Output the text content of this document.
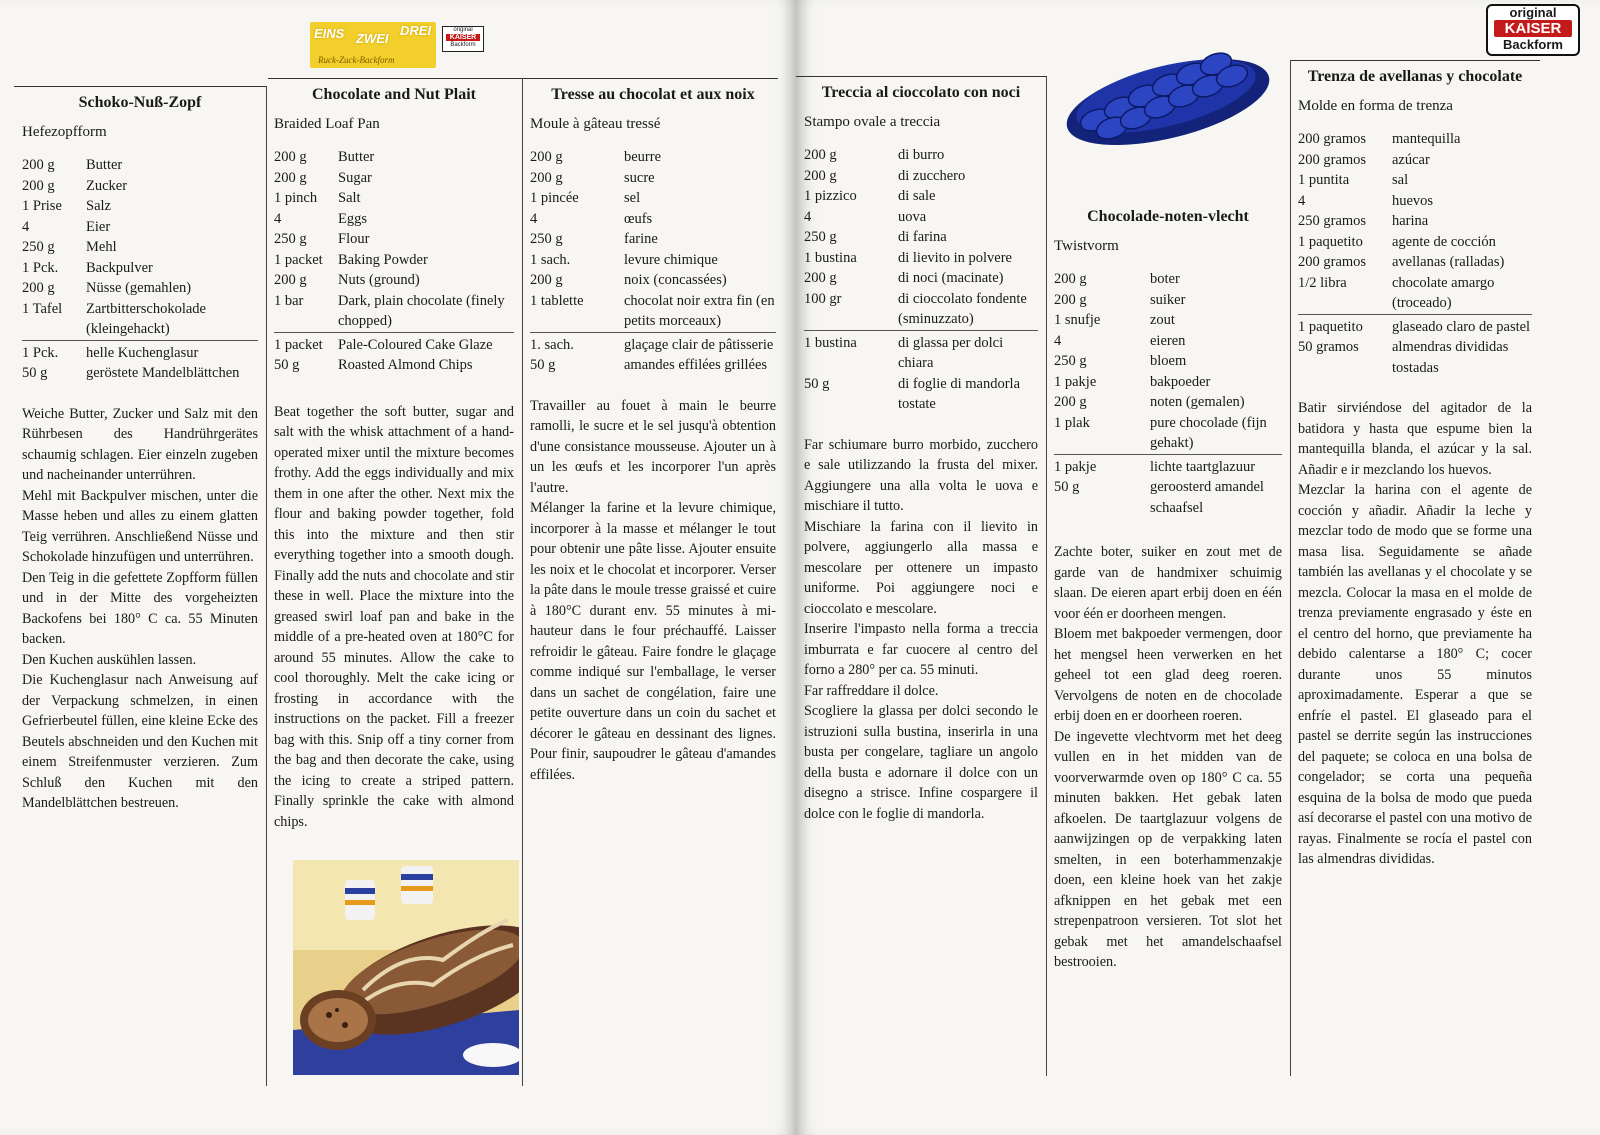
EINS ZWEI
DREI
Ruck-Zuck-Backform
original
KAISER
Backform
Schoko-Nuß-Zopf
Hefezopfform
200 g	Butter
200 g	Zucker
1 Prise	Salz
4	Eier
250 g	Mehl
1 Pck.	Backpulver
200 g	Nüsse (gemahlen)
1 Tafel	Zartbitterschokolade (kleingehackt)
1 Pck.	helle Kuchenglasur
50 g	geröstete Mandelblättchen

Weiche Butter, Zucker und Salz mit den Rührbesen des Handrührgerätes schaumig schlagen. Eier einzeln zugeben und nacheinander unterrühren.

Mehl mit Backpulver mischen, unter die Masse heben und alles zu einem glatten Teig verrühren. Anschließend Nüsse und Schokolade hinzufügen und unterrühren.

Den Teig in die gefettete Zopfform füllen und in der Mitte des vorgeheizten Backofens bei 180° C ca. 55 Minuten backen.

Den Kuchen auskühlen lassen.

Die Kuchenglasur nach Anweisung auf der Verpackung schmelzen, in einen Gefrierbeutel füllen, eine kleine Ecke des Beutels abschneiden und den Kuchen mit einem Streifenmuster verzieren. Zum Schluß den Kuchen mit den Mandelblättchen bestreuen.

Chocolate and Nut Plait
Braided Loaf Pan
200 g	Butter
200 g	Sugar
1 pinch	Salt
4	Eggs
250 g	Flour
1 packet	Baking Powder
200 g	Nuts (ground)
1 bar	Dark, plain chocolate (finely chopped)
1 packet	Pale-Coloured Cake Glaze
50 g	Roasted Almond Chips

Beat together the soft butter, sugar and salt with the whisk attachment of a hand-operated mixer until the mixture becomes frothy. Add the eggs individually and mix them in one after the other. Next mix the flour and baking powder together, fold this into the mixture and then stir everything together into a smooth dough. Finally add the nuts and chocolate and stir these in well. Place the mixture into the greased swirl loaf pan and bake in the middle of a pre-heated oven at 180°C for around 55 minutes. Allow the cake to cool thoroughly. Melt the cake icing or frosting in accordance with the instructions on the packet. Fill a freezer bag with this. Snip off a tiny corner from the bag and then decorate the cake, using the icing to create a striped pattern. Finally sprinkle the cake with almond chips.

Tresse au chocolat et aux noix
Moule à gâteau tressé
200 g	beurre
200 g	sucre
1 pincée	sel
4	œufs
250 g	farine
1 sach.	levure chimique
200 g	noix (concassées)
1 tablette	chocolat noir extra fin (en petits morceaux)
1. sach.	glaçage clair de pâtisserie
50 g	amandes effilées grillées

Travailler au fouet à main le beurre ramolli, le sucre et le sel jusqu'à obtention d'une consistance mousseuse. Ajouter un à un les œufs et les incorporer l'un après l'autre.

Mélanger la farine et la levure chimique, incorporer à la masse et mélanger le tout pour obtenir une pâte lisse. Ajouter ensuite les noix et le chocolat et incorporer. Verser la pâte dans le moule tresse graissé et cuire à 180°C durant env. 55 minutes à mi-hauteur dans le four préchauffé. Laisser refroidir le gâteau. Faire fondre le glaçage comme indiqué sur l'emballage, le verser dans un sachet de congélation, faire une petite ouverture dans un coin du sachet et décorer le gâteau en dessinant des lignes. Pour finir, saupoudrer le gâteau d'amandes effilées.

original
KAISER
Backform
Treccia al cioccolato con noci
Stampo ovale a treccia
200 g	di burro
200 g	di zucchero
1 pizzico	di sale
4	uova
250 g	di farina
1 bustina	di lievito in polvere
200 g	di noci (macinate)
100 gr	di cioccolato fondente (sminuzzato)
1 bustina	di glassa per dolci chiara
50 g	di foglie di mandorla tostate

Far schiumare burro morbido, zucchero e sale utilizzando la frusta del mixer. Aggiungere una alla volta le uova e mischiare il tutto.

Mischiare la farina con il lievito in polvere, aggiungerlo alla massa e mescolare per ottenere un impasto uniforme. Poi aggiungere noci e cioccolato e mescolare.

Inserire l'impasto nella forma a treccia imburrata e far cuocere al centro del forno a 280° per ca. 55 minuti.

Far raffreddare il dolce.

Scogliere la glassa per dolci secondo le istruzioni sulla bustina, inserirla in una busta per congelare, tagliare un angolo della busta e adornare il dolce con un disegno a strisce. Infine cospargere il dolce con le foglie di mandorla.

Chocolade-noten-vlecht
Twistvorm
200 g	boter
200 g	suiker
1 snufje	zout
4	eieren
250 g	bloem
1 pakje	bakpoeder
200 g	noten (gemalen)
1 plak	pure chocolade (fijn gehakt)
1 pakje	lichte taartglazuur
50 g	geroosterd amandel schaafsel

Zachte boter, suiker en zout met de garde van de handmixer schuimig slaan. De eieren apart erbij doen en één voor één er doorheen mengen.

Bloem met bakpoeder vermengen, door het mengsel heen verwerken en het geheel tot een glad deeg roeren. Vervolgens de noten en de chocolade erbij doen en er doorheen roeren.

De ingevette vlechtvorm met het deeg vullen en in het midden van de voorverwarmde oven op 180° C ca. 55 minuten bakken. Het gebak laten afkoelen. De taartglazuur volgens de aanwijzingen op de verpakking laten smelten, in een boterhammenzakje doen, een kleine hoek van het zakje afknippen en het gebak met een strepenpatroon versieren. Tot slot het gebak met het amandelschaafsel bestrooien.

Trenza de avellanas y chocolate
Molde en forma de trenza
200 gramos	mantequilla
200 gramos	azúcar
1 puntita	sal
4	huevos
250 gramos	harina
1 paquetito	agente de cocción
200 gramos	avellanas (ralladas)
1/2 libra	chocolate amargo (troceado)
1 paquetito	glaseado claro de pastel
50 gramos	almendras divididas tostadas

Batir sirviéndose del agitador de la batidora y hasta que espume bien la mantequilla blanda, el azúcar y la sal. Añadir e ir mezclando los huevos.

Mezclar la harina con el agente de cocción y añadir. Añadir la leche y mezclar todo de modo que se forme una masa lisa. Seguidamente se añade también las avellanas y el chocolate y se mezcla. Colocar la masa en el molde de trenza previamente engrasado y éste en el centro del horno, que previamente ha debido calentarse a 180° C; cocer durante unos 55 minutos aproximadamente. Esperar a que se enfríe el pastel. El glaseado para el pastel se derrite según las instrucciones del paquete; se coloca en una bolsa de congelador; se corta una pequeña esquina de la bolsa de modo que pueda así decorarse el pastel con una motivo de rayas. Finalmente se rocía el pastel con las almendras divididas.
